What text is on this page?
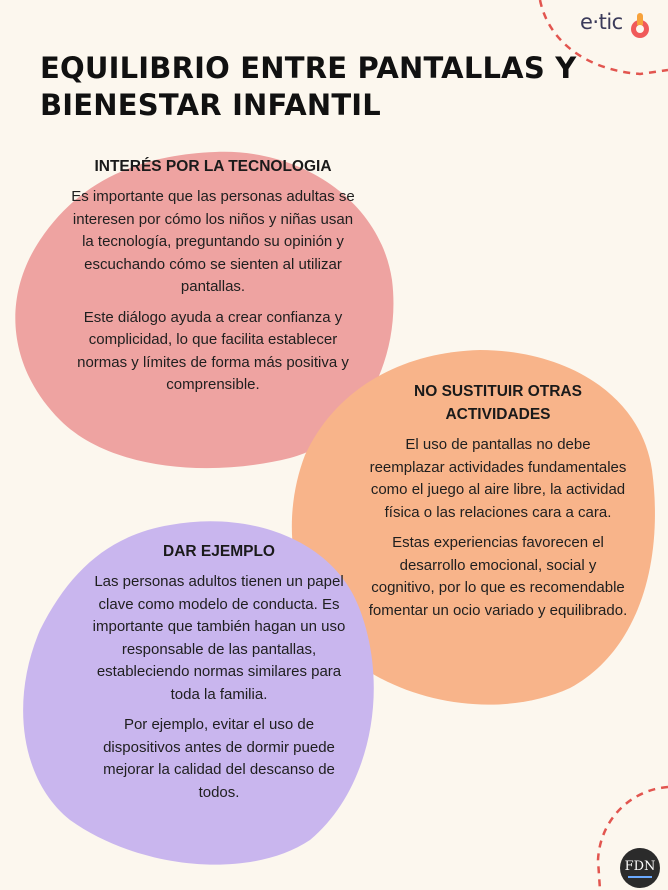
EQUILIBRIO ENTRE PANTALLAS Y BIENESTAR INFANTIL
e·tic
INTERÉS POR LA TECNOLOGIA

Es importante que las personas adultas se interesen por cómo los niños y niñas usan la tecnología, preguntando su opinión y escuchando cómo se sienten al utilizar pantallas.

Este diálogo ayuda a crear confianza y complicidad, lo que facilita establecer normas y límites de forma más positiva y comprensible.	NO SUSTITUIR OTRAS ACTIVIDADES

El uso de pantallas no debe reemplazar actividades fundamentales como el juego al aire libre, la actividad física o las relaciones cara a cara.

Estas experiencias favorecen el desarrollo emocional, social y cognitivo, por lo que es recomendable fomentar un ocio variado y equilibrado.

DAR EJEMPLO

Las personas adultos tienen un papel clave como modelo de conducta. Es importante que también hagan un uso responsable de las pantallas, estableciendo normas similares para toda la familia.

Por ejemplo, evitar el uso de dispositivos antes de dormir puede mejorar la calidad del descanso de todos.

FDN
